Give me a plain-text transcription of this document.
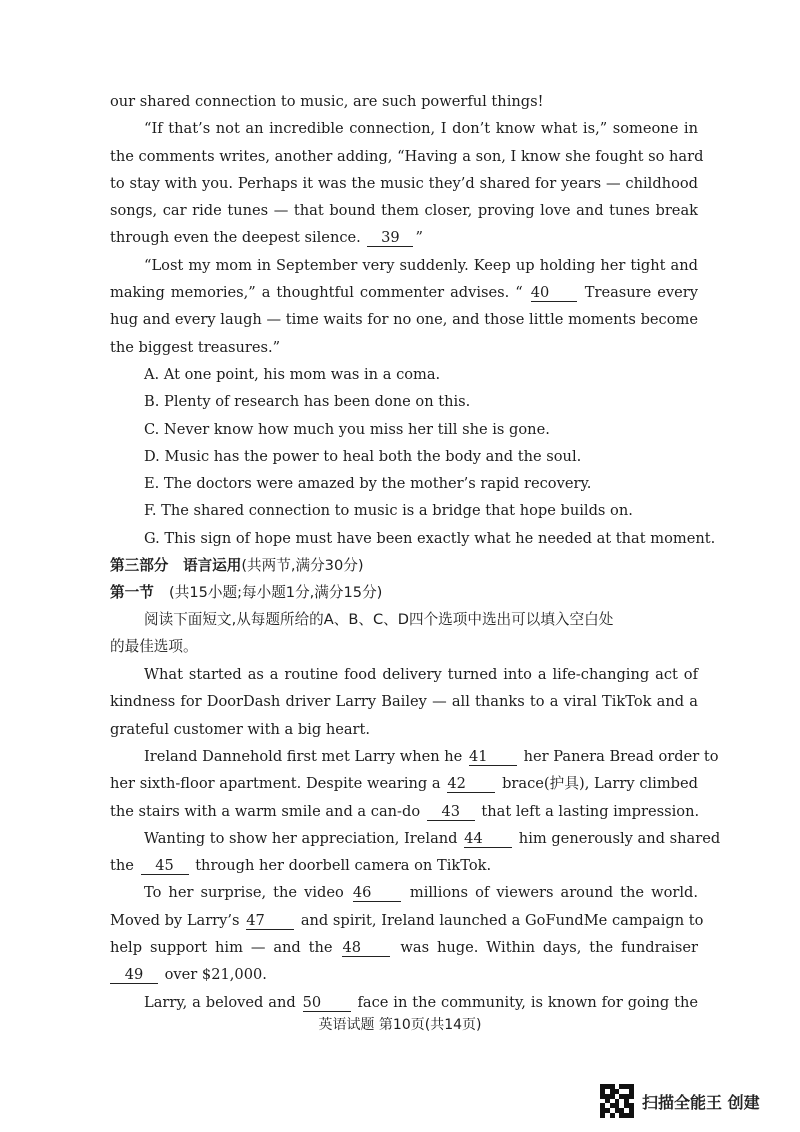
our shared connection to music, are such powerful things!
“If that’s not an incredible connection, I don’t know what is,” someone in
the comments writes, another adding, “Having a son, I know she fought so hard
to stay with you. Perhaps it was the music they’d shared for years — childhood
songs, car ride tunes — that bound them closer, proving love and tunes break
through even the deepest silence. 39 ”
“Lost my mom in September very suddenly. Keep up holding her tight and
making memories,” a thoughtful commenter advises. “ 40 Treasure every
hug and every laugh — time waits for no one, and those little moments become
the biggest treasures.”
A. At one point, his mom was in a coma.
B. Plenty of research has been done on this.
C. Never know how much you miss her till she is gone.
D. Music has the power to heal both the body and the soul.
E. The doctors were amazed by the mother’s rapid recovery.
F. The shared connection to music is a bridge that hope builds on.
G. This sign of hope must have been exactly what he needed at that moment.
第三部分　语言运用(共两节,满分30分)
第一节 (共15小题;每小题1分,满分15分)
阅读下面短文,从每题所给的A、B、C、D四个选项中选出可以填入空白处
的最佳选项。
What started as a routine food delivery turned into a life-changing act of
kindness for DoorDash driver Larry Bailey — all thanks to a viral TikTok and a
grateful customer with a big heart.
Ireland Dannehold first met Larry when he 41 her Panera Bread order to
her sixth-floor apartment. Despite wearing a 42 brace(护具), Larry climbed
the stairs with a warm smile and a can-do 43 that left a lasting impression.
Wanting to show her appreciation, Ireland 44 him generously and shared
the 45 through her doorbell camera on TikTok.
To her surprise, the video 46	millions of viewers around the world.
Moved by Larry’s 47 and spirit, Ireland launched a GoFundMe campaign to
help support him — and the 48	was huge. Within days, the fundraiser
49 over $21,000.
Larry, a beloved and 50 face in the community, is known for going the
英语试题 第10页(共14页)
扫描全能王 创建
